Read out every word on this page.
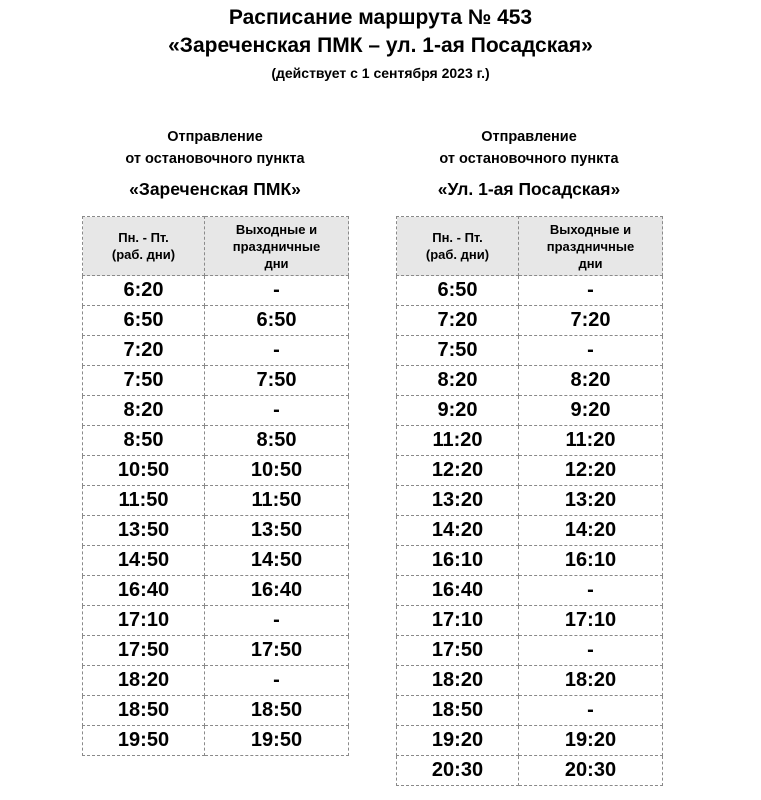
Расписание маршрута № 453
«Зареченская ПМК – ул. 1-ая Посадская»
(действует с 1 сентября 2023 г.)
Отправление
от остановочного пункта
«Зареченская ПМК»
Отправление
от остановочного пункта
«Ул. 1-ая Посадская»
Пн. - Пт.
(раб. дни)	Выходные и
праздничные
дни

6:20	-
6:50	6:50
7:20	-
7:50	7:50
8:20	-
8:50	8:50
10:50	10:50
11:50	11:50
13:50	13:50
14:50	14:50
16:40	16:40
17:10	-
17:50	17:50
18:20	-
18:50	18:50
19:50	19:50
Пн. - Пт.
(раб. дни)	Выходные и
праздничные
дни

6:50	-
7:20	7:20
7:50	-
8:20	8:20
9:20	9:20
11:20	11:20
12:20	12:20
13:20	13:20
14:20	14:20
16:10	16:10
16:40	-
17:10	17:10
17:50	-
18:20	18:20
18:50	-
19:20	19:20
20:30	20:30
